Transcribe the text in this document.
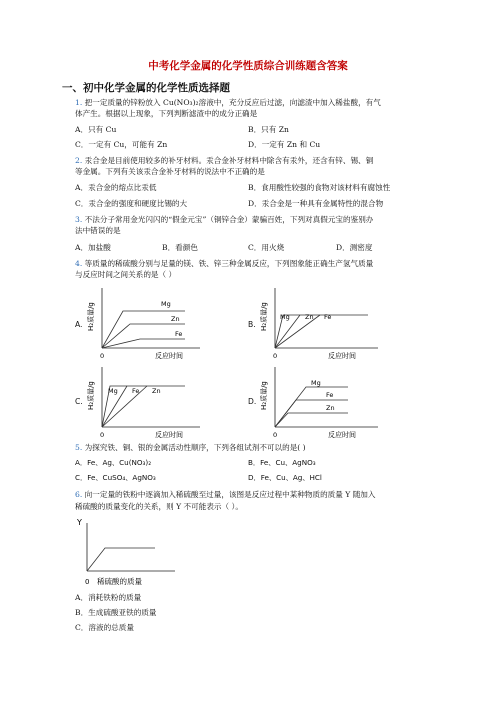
中考化学金属的化学性质综合训练题含答案
一、初中化学金属的化学性质选择题
1. 把一定质量的锌粉放入 Cu(NO₃)₂溶液中，充分反应后过滤，向滤渣中加入稀盐酸，有气
体产生。根据以上现象，下列判断滤渣中的成分正确是
A．只有 Cu	B．只有 Zn
C．一定有 Cu，可能有 Zn	D．一定有 Zn 和 Cu
2. 汞合金是目前使用较多的补牙材料。汞合金补牙材料中除含有汞外，还含有锌、锡、铜
等金属。下列有关该汞合金补牙材料的说法中不正确的是
A．汞合金的熔点比汞低	B．食用酸性较强的食物对该材料有腐蚀性
C．汞合金的强度和硬度比锡的大	D．汞合金是一种具有金属特性的混合物
3. 不法分子常用金光闪闪的“假金元宝”（铜锌合金）蒙骗百姓，下列对真假元宝的鉴别办
法中错误的是
A．加盐酸	B．看颜色	C．用火烧	D．测密度
4. 等质量的稀硫酸分别与足量的镁、铁、锌三种金属反应，下列图象能正确生产氢气质量
与反应时间之间关系的是（ ）
A.
Mg
Zn
Fe
H₂质量/g
0	反应时间
B.
Mg Zn Fe
H₂质量/g
0	反应时间
C.
Mg Fe Zn
H₂质量/g
0	反应时间
D.
Mg
Fe
Zn
H₂质量/g
0	反应时间
5. 为探究铁、铜、银的金属活动性顺序，下列各组试剂不可以的是( )
A．Fe、Ag、Cu(NO₃)₂	B．Fe、Cu、AgNO₃
C．Fe、CuSO₄、AgNO₃	D．Fe、Cu、Ag、HCl
6. 向一定量的铁粉中逐滴加入稀硫酸至过量，该图是反应过程中某种物质的质量 Y 随加入
稀硫酸的质量变化的关系，则 Y 不可能表示（ ）。
Y
0 稀硫酸的质量
A．消耗铁粉的质量
B．生成硫酸亚铁的质量
C．溶液的总质量
